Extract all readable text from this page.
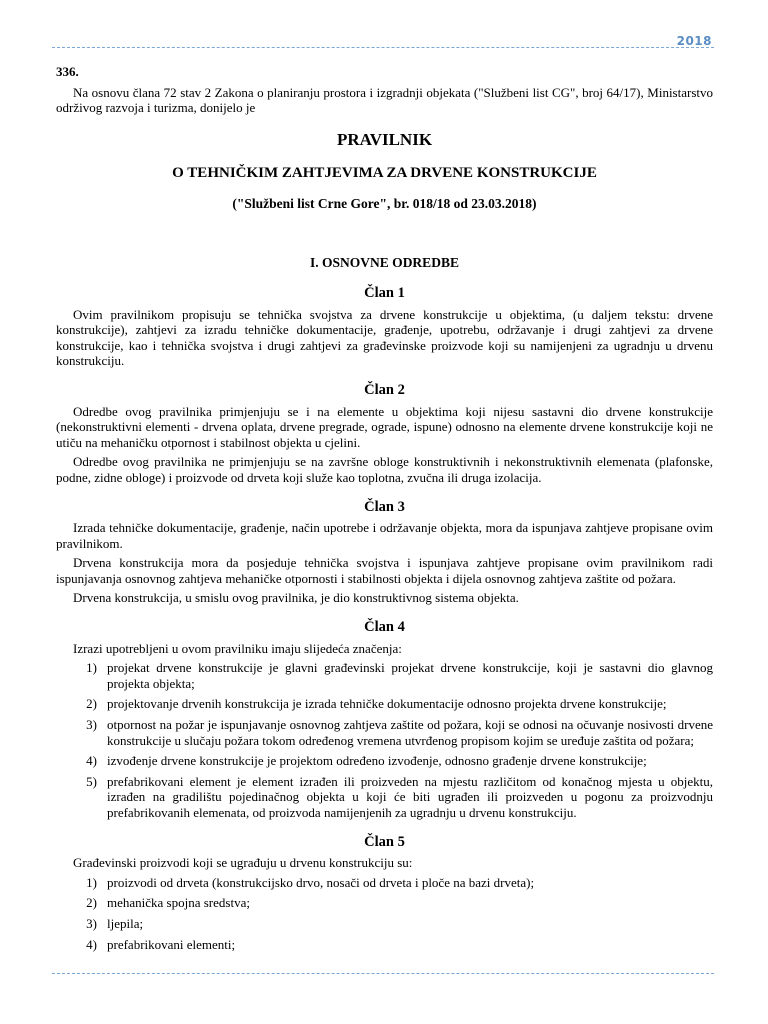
2018
336.

Na osnovu člana 72 stav 2 Zakona o planiranju prostora i izgradnji objekata ("Službeni list CG", broj 64/17), Ministarstvo održivog razvoja i turizma, donijelo je

PRAVILNIK
O TEHNIČKIM ZAHTJEVIMA ZA DRVENE KONSTRUKCIJE
("Službeni list Crne Gore", br. 018/18 od 23.03.2018)
I. OSNOVNE ODREDBE
Član 1

Ovim pravilnikom propisuju se tehnička svojstva za drvene konstrukcije u objektima, (u daljem tekstu: drvene konstrukcije), zahtjevi za izradu tehničke dokumentacije, građenje, upotrebu, održavanje i drugi zahtjevi za drvene konstrukcije, kao i tehnička svojstva i drugi zahtjevi za građevinske proizvode koji su namijenjeni za ugradnju u drvenu konstrukciju.

Član 2

Odredbe ovog pravilnika primjenjuju se i na elemente u objektima koji nijesu sastavni dio drvene konstrukcije (nekonstruktivni elementi - drvena oplata, drvene pregrade, ograde, ispune) odnosno na elemente drvene konstrukcije koji ne utiču na mehaničku otpornost i stabilnost objekta u cjelini.

Odredbe ovog pravilnika ne primjenjuju se na završne obloge konstruktivnih i nekonstruktivnih elemenata (plafonske, podne, zidne obloge) i proizvode od drveta koji služe kao toplotna, zvučna ili druga izolacija.

Član 3

Izrada tehničke dokumentacije, građenje, način upotrebe i održavanje objekta, mora da ispunjava zahtjeve propisane ovim pravilnikom.

Drvena konstrukcija mora da posjeduje tehnička svojstva i ispunjava zahtjeve propisane ovim pravilnikom radi ispunjavanja osnovnog zahtjeva mehaničke otpornosti i stabilnosti objekta i dijela osnovnog zahtjeva zaštite od požara.

Drvena konstrukcija, u smislu ovog pravilnika, je dio konstruktivnog sistema objekta.

Član 4

Izrazi upotrebljeni u ovom pravilniku imaju slijedeća značenja:

1) projekat drvene konstrukcije je glavni građevinski projekat drvene konstrukcije, koji je sastavni dio glavnog projekta objekta;
2) projektovanje drvenih konstrukcija je izrada tehničke dokumentacije odnosno projekta drvene konstrukcije;
3) otpornost na požar je ispunjavanje osnovnog zahtjeva zaštite od požara, koji se odnosi na očuvanje nosivosti drvene konstrukcije u slučaju požara tokom određenog vremena utvrđenog propisom kojim se uređuje zaštita od požara;
4) izvođenje drvene konstrukcije je projektom određeno izvođenje, odnosno građenje drvene konstrukcije;
5) prefabrikovani element je element izrađen ili proizveden na mjestu različitom od konačnog mjesta u objektu, izrađen na gradilištu pojedinačnog objekta u koji će biti ugrađen ili proizveden u pogonu za proizvodnju prefabrikovanih elemenata, od proizvoda namijenjenih za ugradnju u drvenu konstrukciju.
Član 5

Građevinski proizvodi koji se ugrađuju u drvenu konstrukciju su:

1) proizvodi od drveta (konstrukcijsko drvo, nosači od drveta i ploče na bazi drveta);
2) mehanička spojna sredstva;
3) ljepila;
4) prefabrikovani elementi;
